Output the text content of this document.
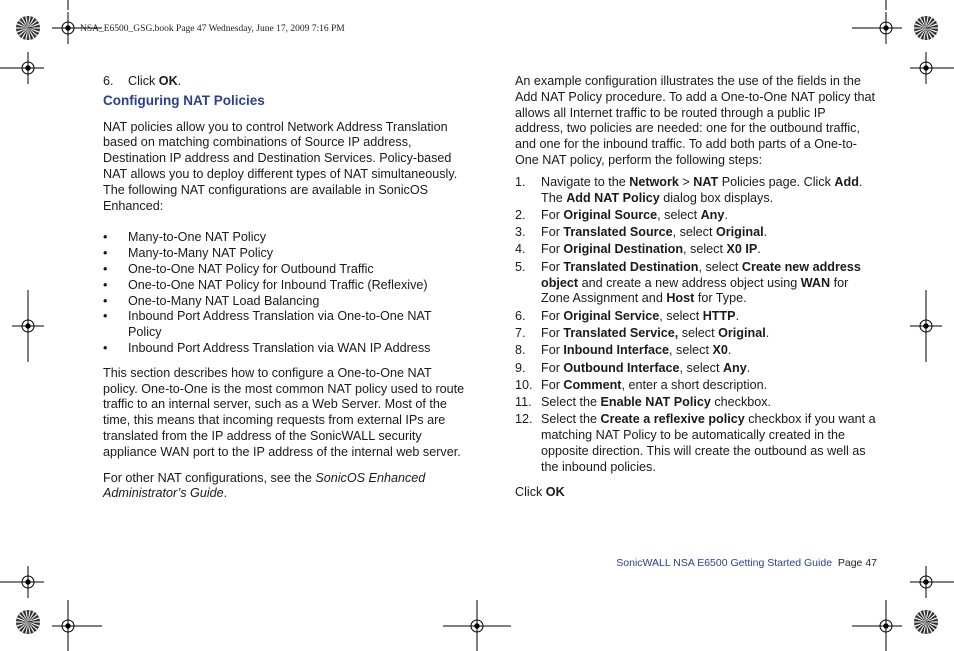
NSA_E6500_GSG.book Page 47 Wednesday, June 17, 2009 7:16 PM

6. Click OK.

Configuring NAT Policies

NAT policies allow you to control Network Address Translation based on matching combinations of Source IP address, Destination IP address and Destination Services. Policy-based NAT allows you to deploy different types of NAT simultaneously. The following NAT configurations are available in SonicOS Enhanced:

• Many-to-One NAT Policy
• Many-to-Many NAT Policy
• One-to-One NAT Policy for Outbound Traffic
• One-to-One NAT Policy for Inbound Traffic (Reflexive)
• One-to-Many NAT Load Balancing
• Inbound Port Address Translation via One-to-One NAT Policy
• Inbound Port Address Translation via WAN IP Address

This section describes how to configure a One-to-One NAT policy. One-to-One is the most common NAT policy used to route traffic to an internal server, such as a Web Server. Most of the time, this means that incoming requests from external IPs are translated from the IP address of the SonicWALL security appliance WAN port to the IP address of the internal web server.

For other NAT configurations, see the SonicOS Enhanced Administrator’s Guide.

An example configuration illustrates the use of the fields in the Add NAT Policy procedure. To add a One-to-One NAT policy that allows all Internet traffic to be routed through a public IP address, two policies are needed: one for the outbound traffic, and one for the inbound traffic. To add both parts of a One-to-One NAT policy, perform the following steps:

1. Navigate to the Network > NAT Policies page. Click Add. The Add NAT Policy dialog box displays.
2. For Original Source, select Any.
3. For Translated Source, select Original.
4. For Original Destination, select X0 IP.
5. For Translated Destination, select Create new address object and create a new address object using WAN for Zone Assignment and Host for Type.
6. For Original Service, select HTTP.
7. For Translated Service, select Original.
8. For Inbound Interface, select X0.
9. For Outbound Interface, select Any.
10. For Comment, enter a short description.
11. Select the Enable NAT Policy checkbox.
12. Select the Create a reflexive policy checkbox if you want a matching NAT Policy to be automatically created in the opposite direction. This will create the outbound as well as the inbound policies.

Click OK

SonicWALL NSA E6500 Getting Started Guide Page 47
